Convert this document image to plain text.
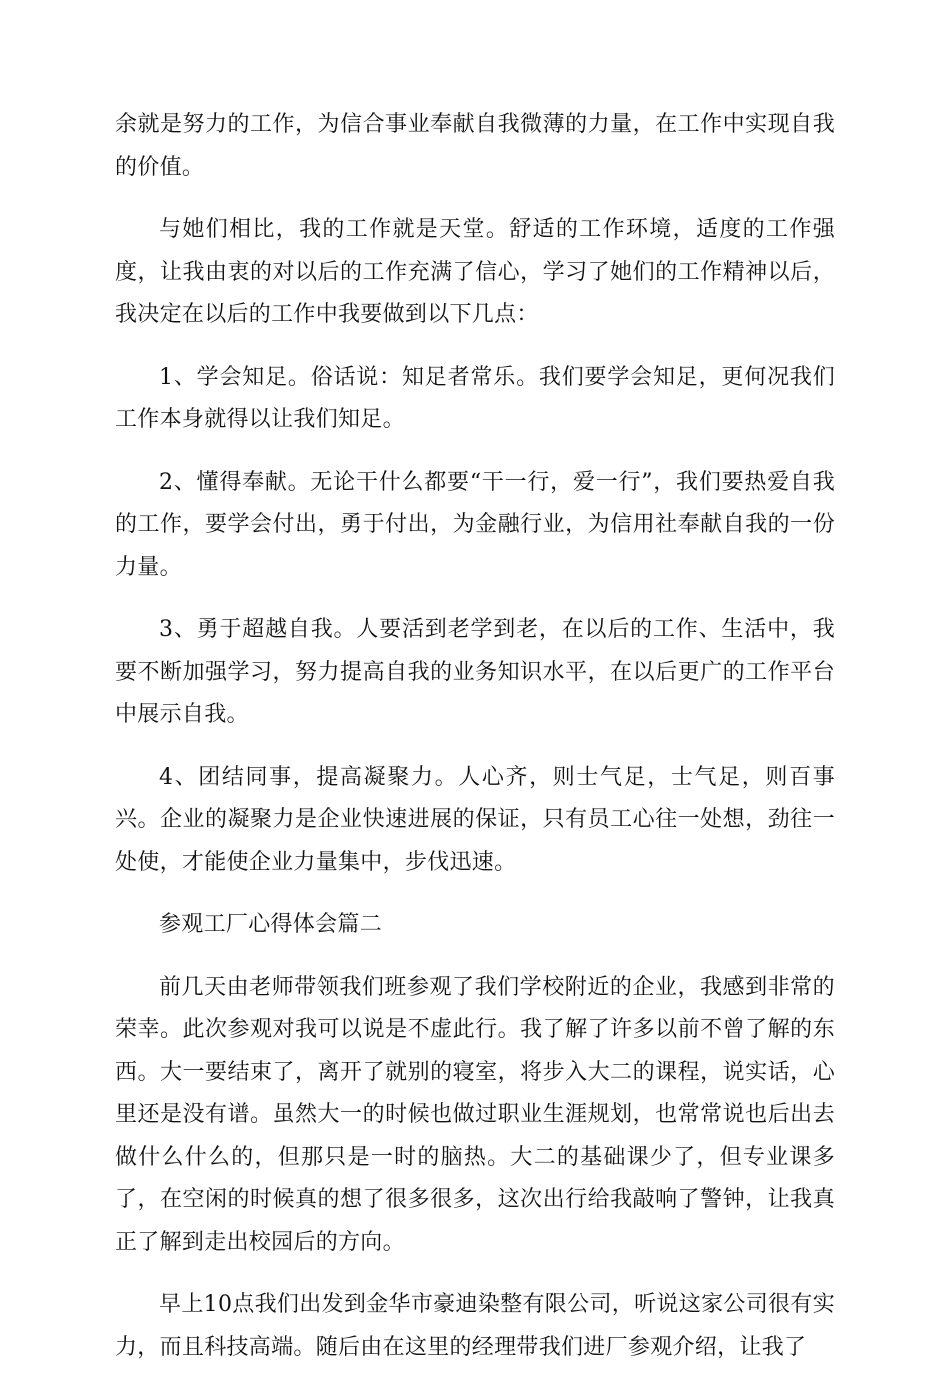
余就是努力的工作，为信合事业奉献自我微薄的力量，在工作中实现自我的价值。

与她们相比，我的工作就是天堂。舒适的工作环境，适度的工作强度，让我由衷的对以后的工作充满了信心，学习了她们的工作精神以后，我决定在以后的工作中我要做到以下几点：

1、学会知足。俗话说：知足者常乐。我们要学会知足，更何况我们工作本身就得以让我们知足。

2、懂得奉献。无论干什么都要“干一行，爱一行”，我们要热爱自我的工作，要学会付出，勇于付出，为金融行业，为信用社奉献自我的一份力量。

3、勇于超越自我。人要活到老学到老，在以后的工作、生活中，我要不断加强学习，努力提高自我的业务知识水平，在以后更广的工作平台中展示自我。

4、团结同事，提高凝聚力。人心齐，则士气足，士气足，则百事兴。企业的凝聚力是企业快速进展的保证，只有员工心往一处想，劲往一处使，才能使企业力量集中，步伐迅速。

参观工厂心得体会篇二

前几天由老师带领我们班参观了我们学校附近的企业，我感到非常的荣幸。此次参观对我可以说是不虚此行。我了解了许多以前不曾了解的东西。大一要结束了，离开了就别的寝室，将步入大二的课程，说实话，心里还是没有谱。虽然大一的时候也做过职业生涯规划，也常常说也后出去做什么什么的，但那只是一时的脑热。大二的基础课少了，但专业课多了，在空闲的时候真的想了很多很多，这次出行给我敲响了警钟，让我真正了解到走出校园后的方向。

早上10点我们出发到金华市豪迪染整有限公司，听说这家公司很有实力，而且科技高端。随后由在这里的经理带我们进厂参观介绍，让我了
